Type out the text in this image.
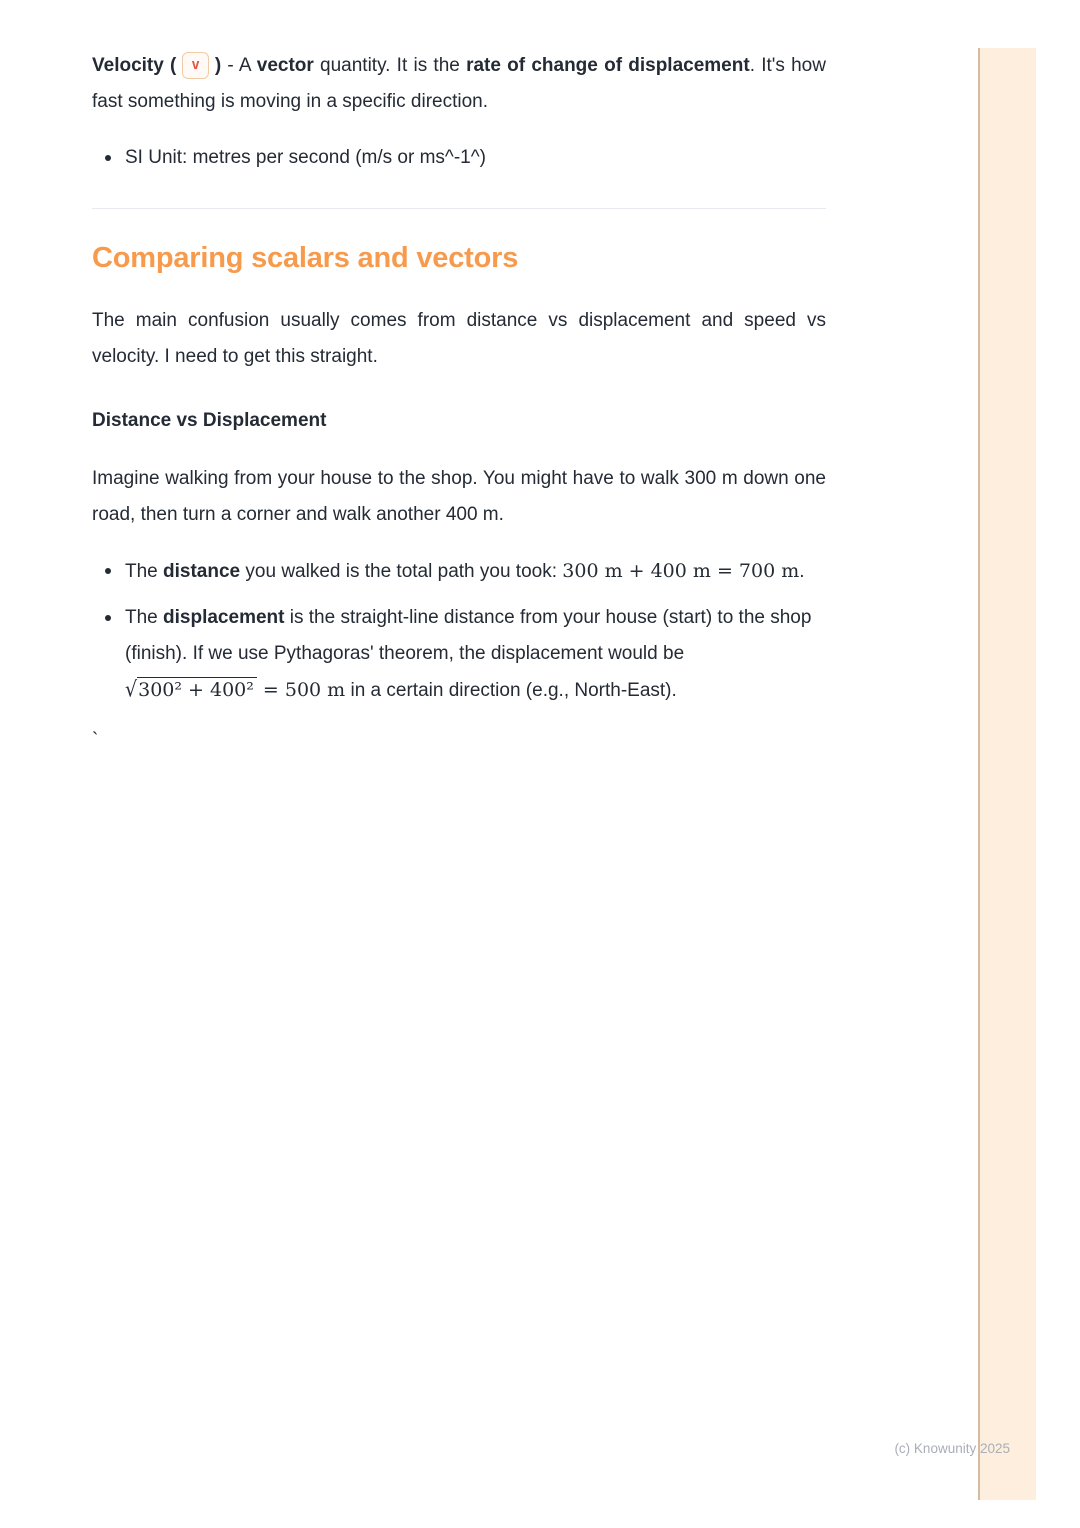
Velocity ( v ) - A vector quantity. It is the rate of change of displacement. It's how fast something is moving in a specific direction.

SI Unit: metres per second (m/s or ms^-1^)
Comparing scalars and vectors

The main confusion usually comes from distance vs displacement and speed vs velocity. I need to get this straight.

Distance vs Displacement

Imagine walking from your house to the shop. You might have to walk 300 m down one road, then turn a corner and walk another 400 m.

The distance you walked is the total path you took: 300 m + 400 m = 700 m.
The displacement is the straight-line distance from your house (start) to the shop (finish). If we use Pythagoras' theorem, the displacement would be √300² + 400² = 500 m in a certain direction (e.g., North-East).

`

(c) Knowunity 2025
